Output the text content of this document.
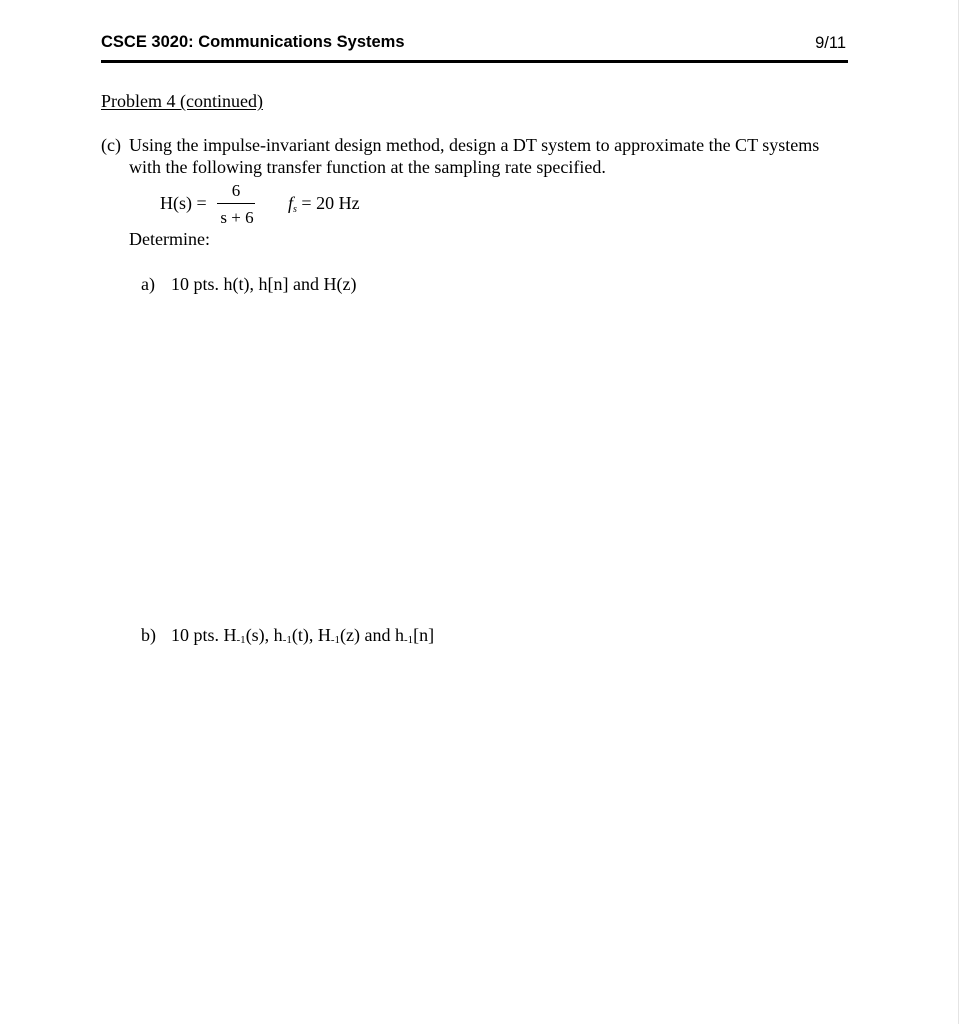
CSCE 3020: Communications Systems	9/11
Problem 4 (continued)
(c) Using the impulse-invariant design method, design a DT system to approximate the CT systems
with the following transfer function at the sampling rate specified.
H(s) =
6
s + 6
$f_s = 20$ Hz
Determine:
a) 10 pts. h(t), h[n] and H(z)
b) 10 pts. $H_{-1}(s)$, $h_{-1}(t)$, $H_{-1}(z)$ and $h_{-1}[n]$
